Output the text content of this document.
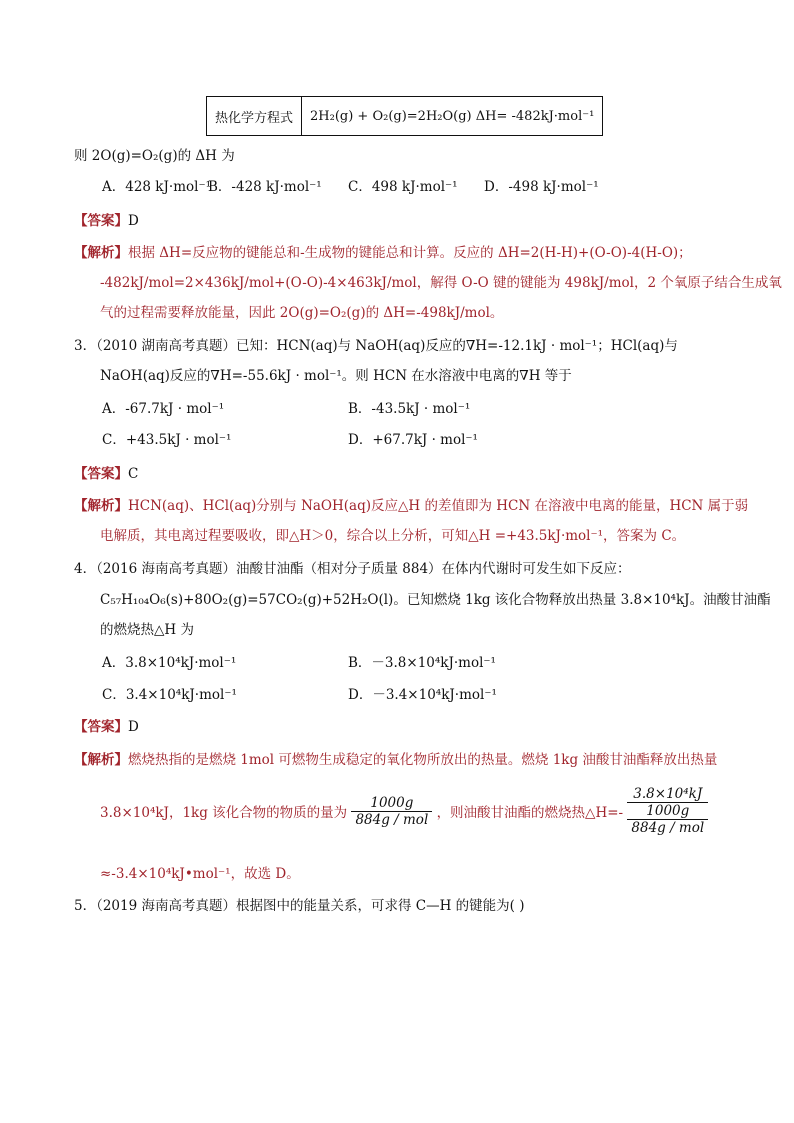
热化学方程式	2H₂(g) + O₂(g)=2H₂O(g) ΔH= -482kJ·mol⁻¹
则 2O(g)=O₂(g)的 ΔH 为
A．428 kJ·mol⁻¹
B．-428 kJ·mol⁻¹ C．498 kJ·mol⁻¹ D．-498 kJ·mol⁻¹
【答案】D
【解析】根据 ΔH=反应物的键能总和-生成物的键能总和计算。反应的 ΔH=2(H-H)+(O-O)-4(H-O)；
-482kJ/mol=2×436kJ/mol+(O-O)-4×463kJ/mol，解得 O-O 键的键能为 498kJ/mol，2 个氧原子结合生成氧
气的过程需要释放能量，因此 2O(g)=O₂(g)的 ΔH=-498kJ/mol。
3．（2010 湖南高考真题）已知：HCN(aq)与 NaOH(aq)反应的∇H=-12.1kJ · mol⁻¹；HCl(aq)与
NaOH(aq)反应的∇H=-55.6kJ · mol⁻¹。则 HCN 在水溶液中电离的∇H 等于
A．-67.7kJ · mol⁻¹	B．-43.5kJ · mol⁻¹
C．+43.5kJ · mol⁻¹	D．+67.7kJ · mol⁻¹
【答案】C
【解析】HCN(aq)、HCl(aq)分别与 NaOH(aq)反应△H 的差值即为 HCN 在溶液中电离的能量，HCN 属于弱
电解质，其电离过程要吸收，即△H＞0，综合以上分析，可知△H =+43.5kJ·mol⁻¹，答案为 C。
4．（2016 海南高考真题）油酸甘油酯（相对分子质量 884）在体内代谢时可发生如下反应：
C₅₇H₁₀₄O₆(s)+80O₂(g)=57CO₂(g)+52H₂O(l)。已知燃烧 1kg 该化合物释放出热量 3.8×10⁴kJ。油酸甘油酯
的燃烧热△H 为
A．3.8×10⁴kJ·mol⁻¹	B．－3.8×10⁴kJ·mol⁻¹
C．3.4×10⁴kJ·mol⁻¹	D．－3.4×10⁴kJ·mol⁻¹
【答案】D
【解析】燃烧热指的是燃烧 1mol 可燃物生成稳定的氧化物所放出的热量。燃烧 1kg 油酸甘油酯释放出热量
3.8×10⁴kJ，1kg 该化合物的物质的量为 $\frac{1000g}{\text{884g / mol}}$ ，则油酸甘油酯的燃烧热△H=-
3.8×10⁴kJ
1000g
884g / mol
≈-3.4×10⁴kJ•mol⁻¹，故选 D。
5．（2019 海南高考真题）根据图中的能量关系，可求得 C—H 的键能为( )
